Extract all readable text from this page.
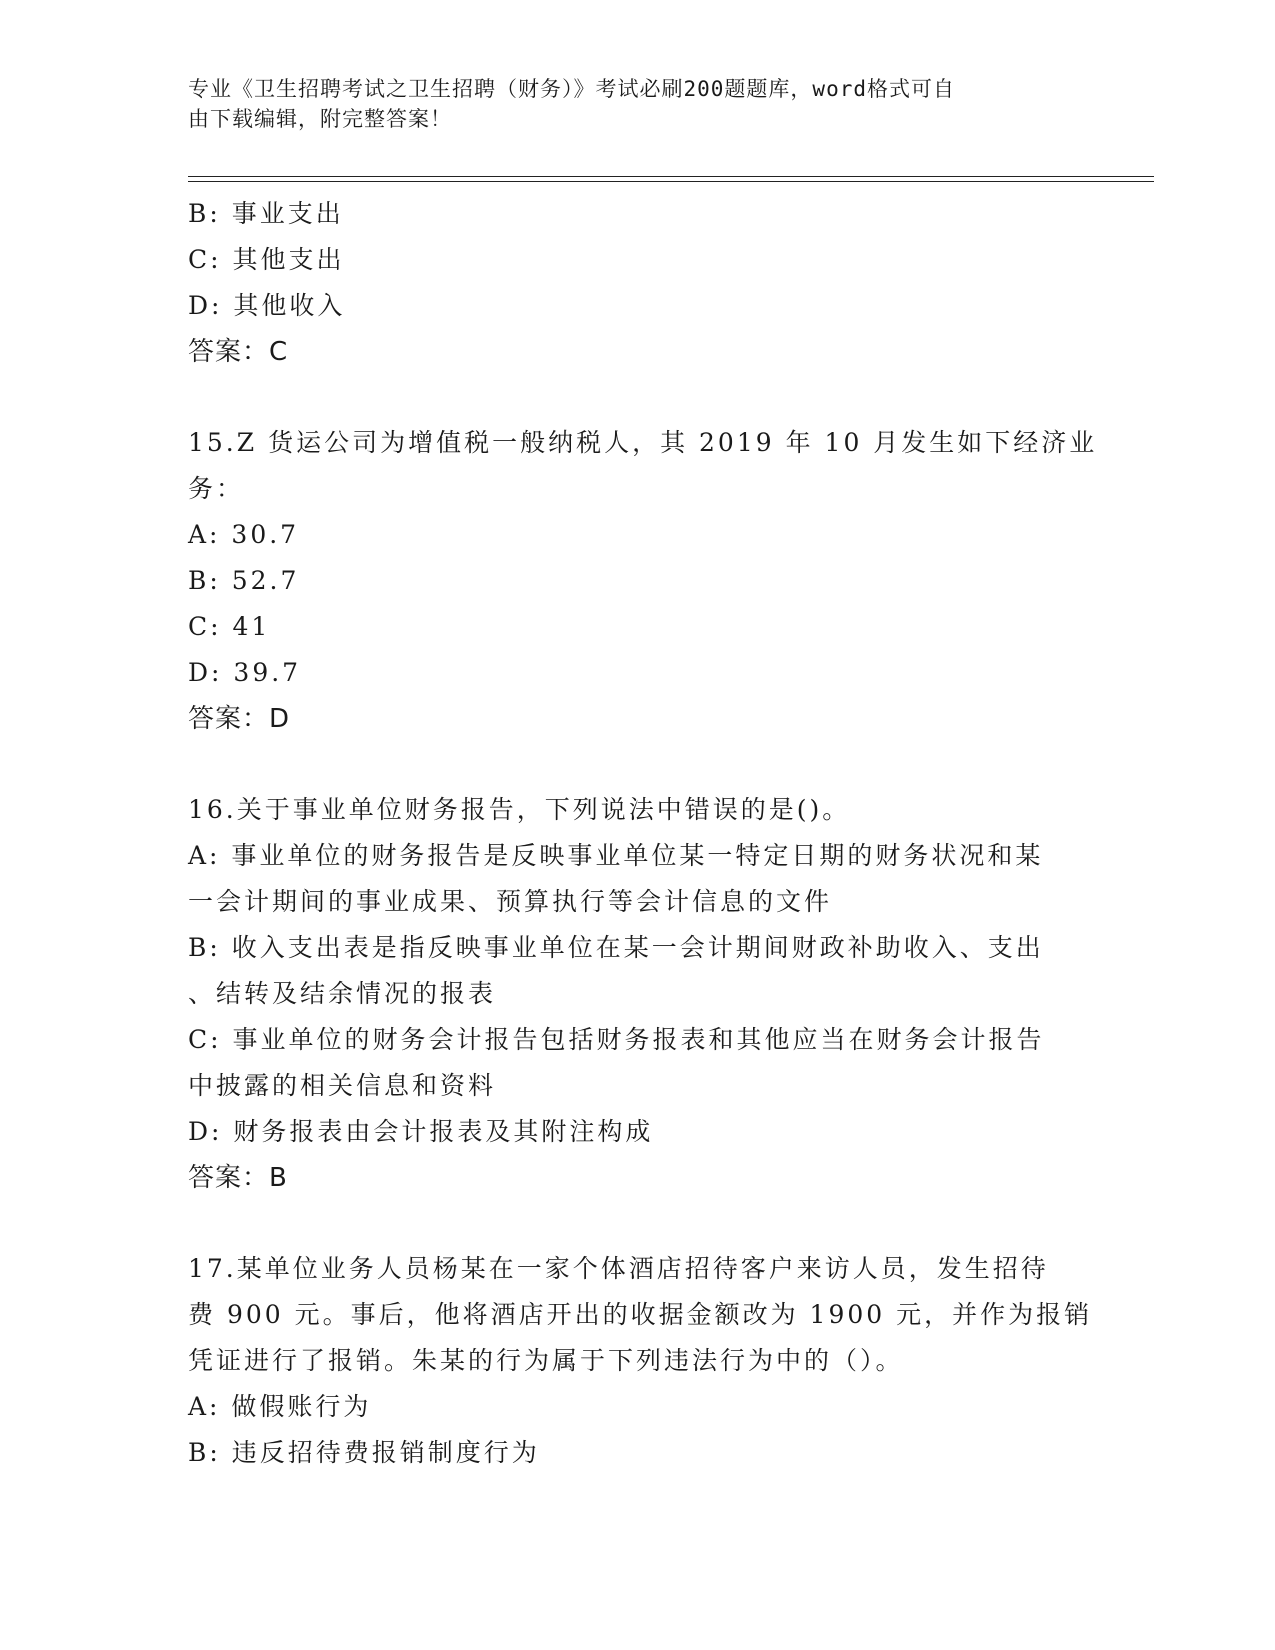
专业《卫生招聘考试之卫生招聘（财务）》考试必刷200题题库，word格式可自
由下载编辑，附完整答案！
B: 事业支出
C: 其他支出
D: 其他收入
答案：C
15.Z 货运公司为增值税一般纳税人，其 2019 年 10 月发生如下经济业
务：
A: 30.7
B: 52.7
C: 41
D: 39.7
答案：D
16.关于事业单位财务报告，下列说法中错误的是()。
A: 事业单位的财务报告是反映事业单位某一特定日期的财务状况和某
一会计期间的事业成果、预算执行等会计信息的文件
B: 收入支出表是指反映事业单位在某一会计期间财政补助收入、支出
、结转及结余情况的报表
C: 事业单位的财务会计报告包括财务报表和其他应当在财务会计报告
中披露的相关信息和资料
D: 财务报表由会计报表及其附注构成
答案：B
17.某单位业务人员杨某在一家个体酒店招待客户来访人员，发生招待
费 900 元。事后，他将酒店开出的收据金额改为 1900 元，并作为报销
凭证进行了报销。朱某的行为属于下列违法行为中的（）。
A: 做假账行为
B: 违反招待费报销制度行为
